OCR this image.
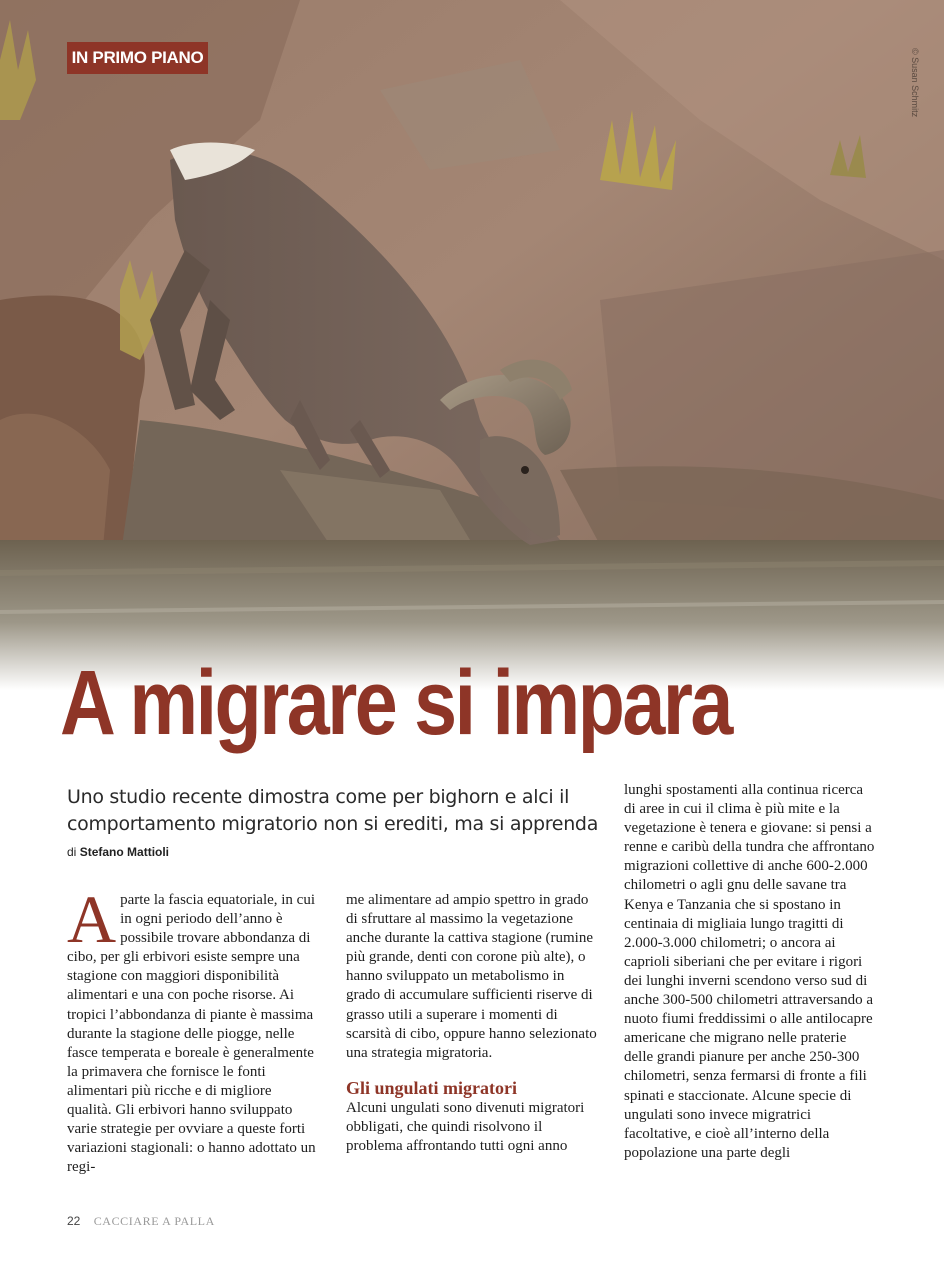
IN PRIMO PIANO	© Susan Schmitz
A migrare si impara
Uno studio recente dimostra come per bighorn e alci il comportamento migratorio non si erediti, ma si apprenda
di Stefano Mattioli
A parte la fascia equatoriale, in cui in ogni periodo dell’anno è possibile trovare abbondanza di cibo, per gli erbivori esiste sempre una stagione con maggiori disponibilità alimentari e una con poche risorse. Ai tropici l’abbondanza di piante è massima durante la stagione delle piogge, nelle fasce temperata e boreale è generalmente la primavera che fornisce le fonti alimentari più ricche e di migliore qualità. Gli erbivori hanno sviluppato varie strategie per ovviare a queste forti variazioni stagionali: o hanno adottato un regi-

me alimentare ad ampio spettro in grado di sfruttare al massimo la vegetazione anche durante la cattiva stagione (rumine più grande, denti con corone più alte), o hanno sviluppato un metabolismo in grado di accumulare sufficienti riserve di grasso utili a superare i momenti di scarsità di cibo, oppure hanno selezionato una strategia migratoria.

Gli ungulati migratori

Alcuni ungulati sono divenuti migratori obbligati, che quindi risolvono il problema affrontando tutti ogni anno

lunghi spostamenti alla continua ricerca di aree in cui il clima è più mite e la vegetazione è tenera e giovane: si pensi a renne e caribù della tundra che affrontano migrazioni collettive di anche 600-2.000 chilometri o agli gnu delle savane tra Kenya e Tanzania che si spostano in centinaia di migliaia lungo tragitti di 2.000-3.000 chilometri; o ancora ai caprioli siberiani che per evitare i rigori dei lunghi inverni scendono verso sud di anche 300-500 chilometri attraversando a nuoto fiumi freddissimi o alle antilocapre americane che migrano nelle praterie delle grandi pianure per anche 250-300 chilometri, senza fermarsi di fronte a fili spinati e staccionate. Alcune specie di ungulati sono invece migratrici facoltative, e cioè all’interno della popolazione una parte degli

22 CACCIARE A PALLA
